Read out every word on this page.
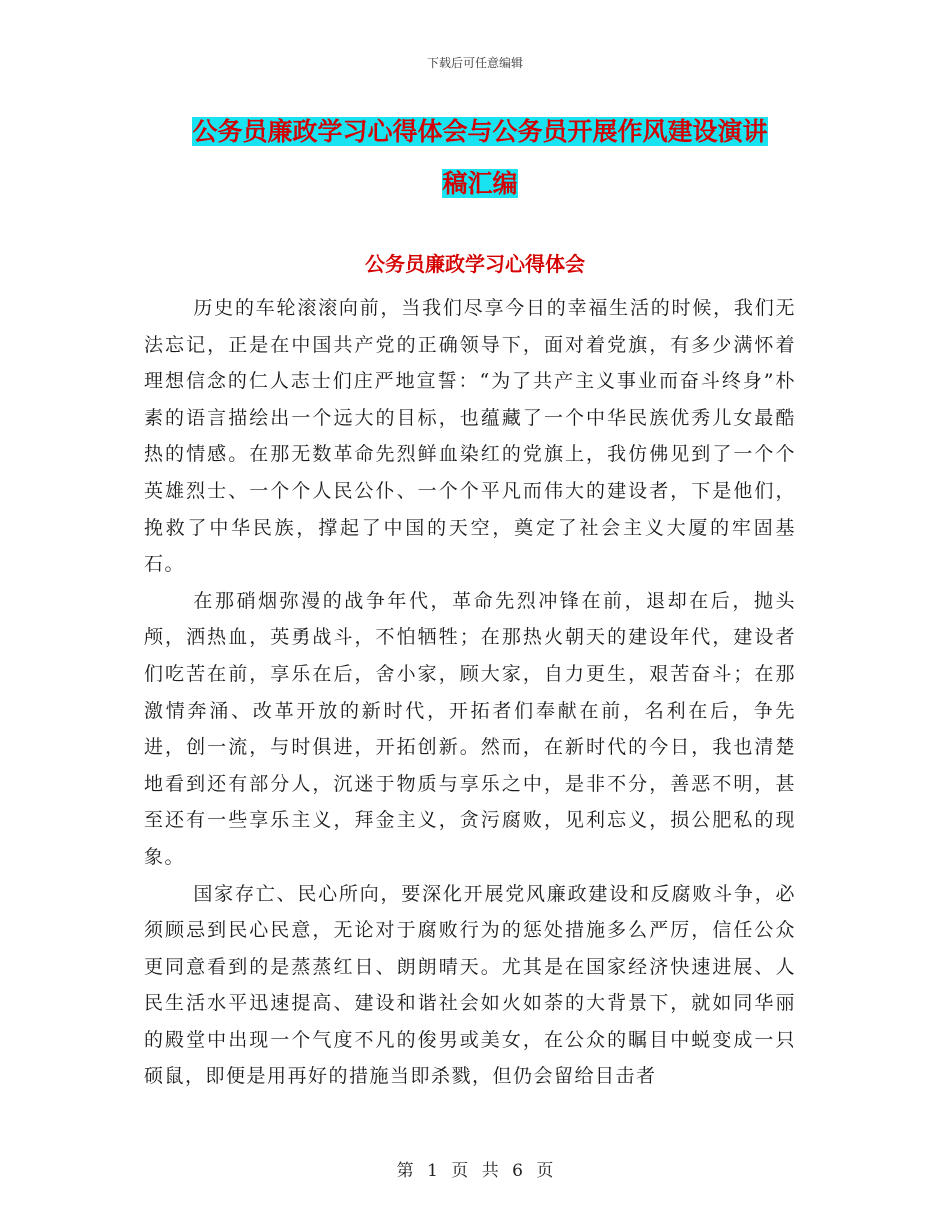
下载后可任意编辑
公务员廉政学习心得体会与公务员开展作风建设演讲
稿汇编
公务员廉政学习心得体会

历史的车轮滚滚向前，当我们尽享今日的幸福生活的时候，我们无法忘记，正是在中国共产党的正确领导下，面对着党旗，有多少满怀着理想信念的仁人志士们庄严地宣誓：“为了共产主义事业而奋斗终身”朴素的语言描绘出一个远大的目标，也蕴藏了一个中华民族优秀儿女最酷热的情感。在那无数革命先烈鲜血染红的党旗上，我仿佛见到了一个个英雄烈士、一个个人民公仆、一个个平凡而伟大的建设者，下是他们，挽救了中华民族，撑起了中国的天空，奠定了社会主义大厦的牢固基石。

在那硝烟弥漫的战争年代，革命先烈冲锋在前，退却在后，抛头颅，洒热血，英勇战斗，不怕牺牲；在那热火朝天的建设年代，建设者们吃苦在前，享乐在后，舍小家，顾大家，自力更生，艰苦奋斗；在那激情奔涌、改革开放的新时代，开拓者们奉献在前，名利在后，争先进，创一流，与时俱进，开拓创新。然而，在新时代的今日，我也清楚地看到还有部分人，沉迷于物质与享乐之中，是非不分，善恶不明，甚至还有一些享乐主义，拜金主义，贪污腐败，见利忘义，损公肥私的现象。

国家存亡、民心所向，要深化开展党风廉政建设和反腐败斗争，必须顾忌到民心民意，无论对于腐败行为的惩处措施多么严厉，信任公众更同意看到的是蒸蒸红日、朗朗晴天。尤其是在国家经济快速进展、人民生活水平迅速提高、建设和谐社会如火如荼的大背景下，就如同华丽的殿堂中出现一个气度不凡的俊男或美女，在公众的瞩目中蜕变成一只硕鼠，即便是用再好的措施当即杀戮，但仍会留给目击者

第 1 页 共 6 页
